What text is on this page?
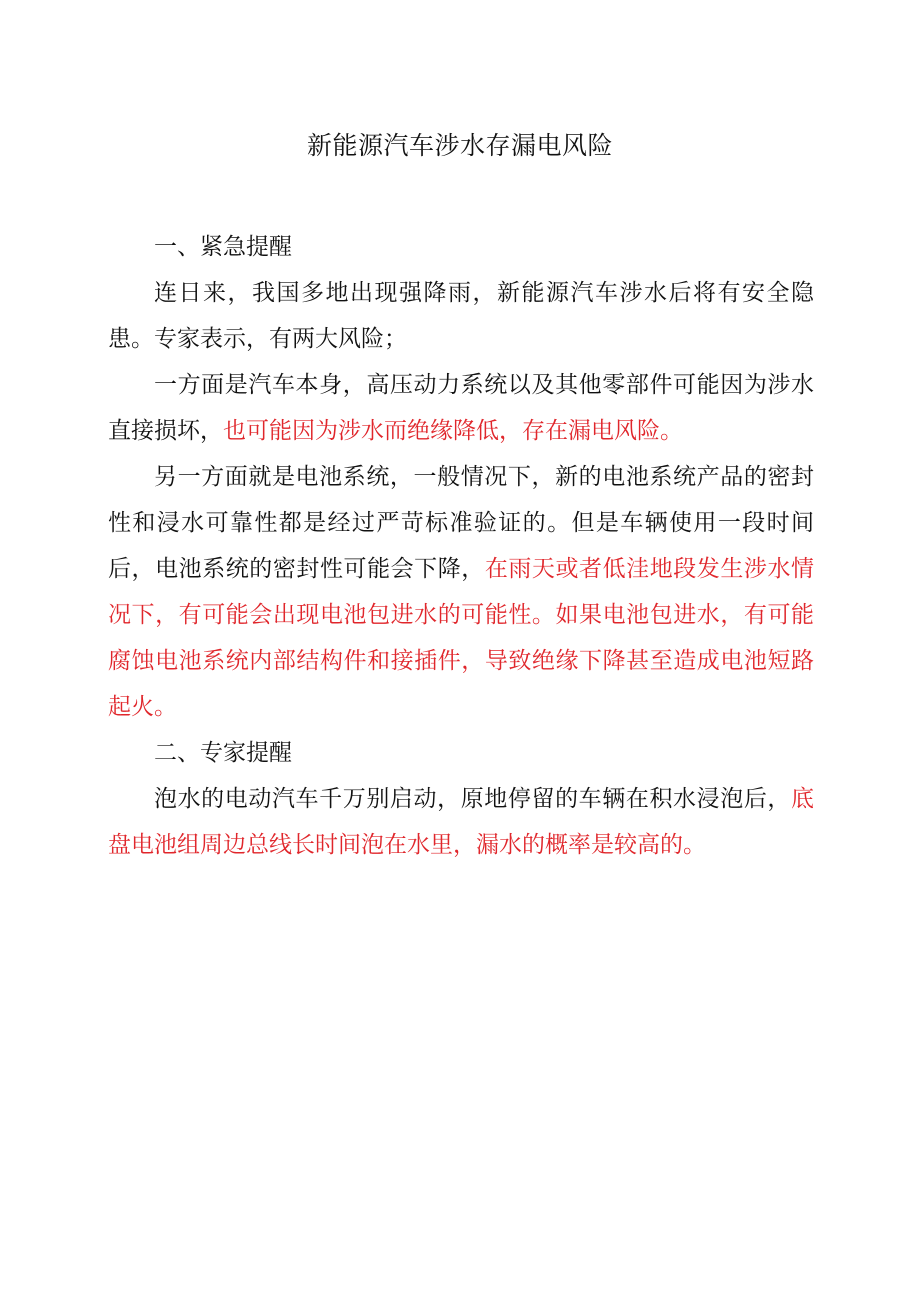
新能源汽车涉水存漏电风险

一、紧急提醒

连日来，我国多地出现强降雨，新能源汽车涉水后将有安全隐患。专家表示，有两大风险；

一方面是汽车本身，高压动力系统以及其他零部件可能因为涉水直接损坏，也可能因为涉水而绝缘降低，存在漏电风险。

另一方面就是电池系统，一般情况下，新的电池系统产品的密封性和浸水可靠性都是经过严苛标准验证的。但是车辆使用一段时间后，电池系统的密封性可能会下降，在雨天或者低洼地段发生涉水情况下，有可能会出现电池包进水的可能性。如果电池包进水，有可能腐蚀电池系统内部结构件和接插件，导致绝缘下降甚至造成电池短路起火。

二、专家提醒

泡水的电动汽车千万别启动，原地停留的车辆在积水浸泡后，底盘电池组周边总线长时间泡在水里，漏水的概率是较高的。
